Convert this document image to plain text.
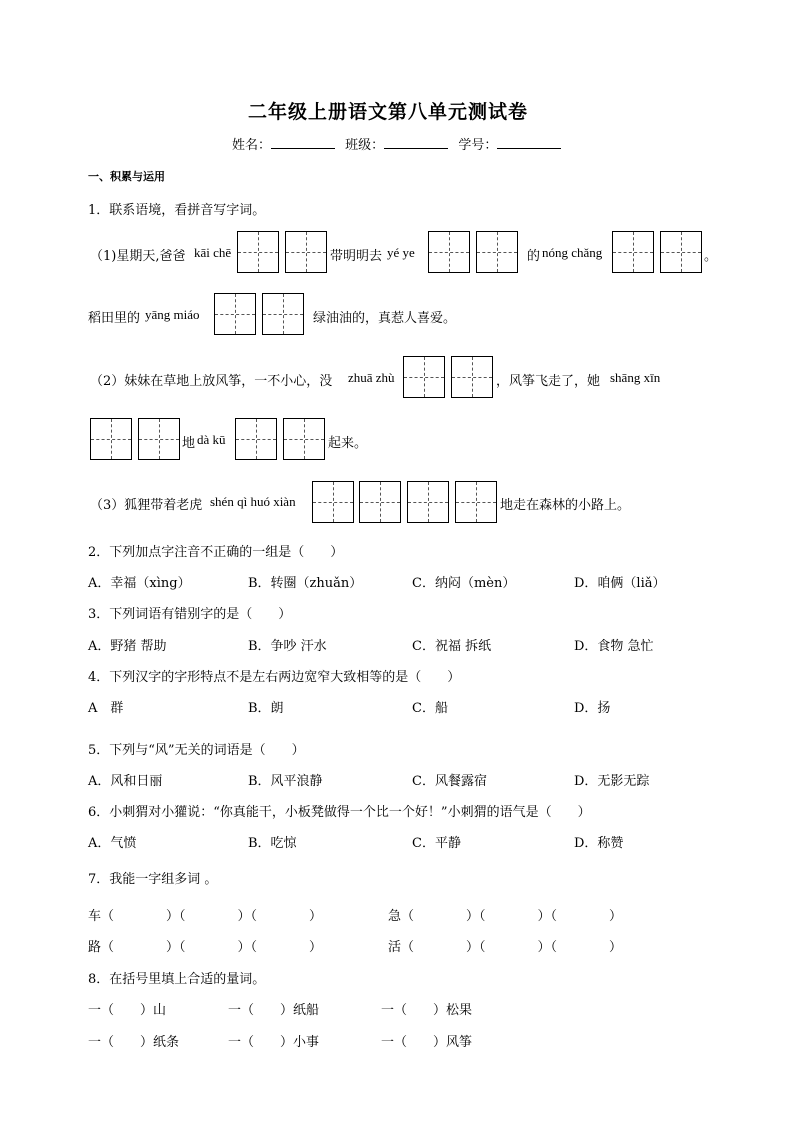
二年级上册语文第八单元测试卷
姓名：	班级：	学号：
一、积累与运用
1．联系语境，看拼音写字词。
（1)星期天,爸爸 kāi chē	带明明去 yé ye	的 nóng chǎng	。
稻田里的 yāng miáo	绿油油的，真惹人喜爱。
（2）妹妹在草地上放风筝，一不小心，没 zhuā zhù	，风筝飞走了，她 shāng xīn
地 dà kū	起来。
（3）狐狸带着老虎 shén qì huó xiàn	地走在森林的小路上。
2．下列加点字注音不正确的一组是（　　）
A．幸福（xìng）	B．转圈（zhuǎn）	C．纳闷（mèn）	D．咱俩（liǎ）
3．下列词语有错别字的是（　　）
A．野猪 帮助	B．争吵 汗水	C．祝福 拆纸	D．食物 急忙
4．下列汉字的字形特点不是左右两边宽窄大致相等的是（　　）
A　群	B．朗	C．船	D．扬
5．下列与“风”无关的词语是（　　）
A．风和日丽	B．风平浪静	C．风餐露宿	D．无影无踪
6．小刺猬对小獾说：“你真能干，小板凳做得一个比一个好！”小刺猬的语气是（　　）
A．气愤	B．吃惊	C．平静	D．称赞
7．我能一字组多词 。
车（　　　　）（　　　　）（　　　　）	急（　　　　）（　　　　）（　　　　）
路（　　　　）（　　　　）（　　　　）	活（　　　　）（　　　　）（　　　　）
8．在括号里填上合适的量词。
一（　　）山	一（　　）纸船	一（　　）松果
一（　　）纸条	一（　　）小事	一（　　）风筝
